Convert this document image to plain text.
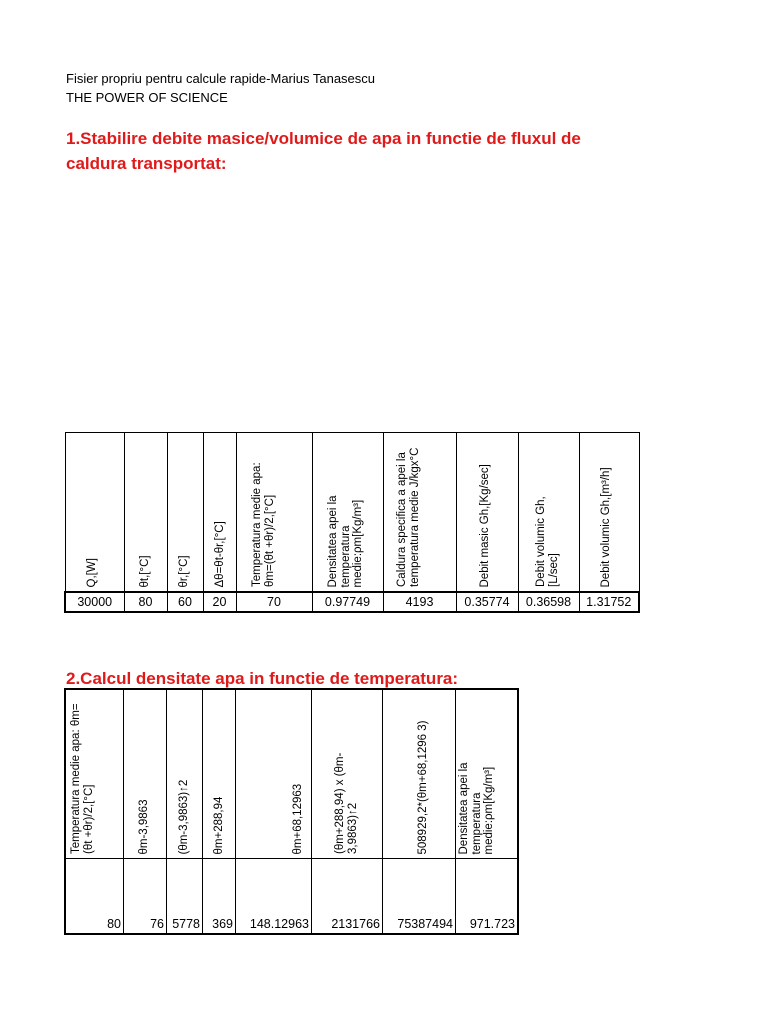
Fisier propriu pentru calcule rapide-Marius Tanasescu
THE POWER OF SCIENCE
1.Stabilire debite masice/volumice de apa in functie de fluxul de caldura transportat:
Q,[W]	θt,[°C]	θr,[°C]	Δθ=θt-θr,[°C]	Temperatura medie apa: θm=(θt +θr)/2,[°C]	Densitatea apei la temperatura medie:ρm[Kg/m³]	Caldura specifica a apei la temperatura medie J/kgx°C	Debit masic Gh,[Kg/sec]	Debit volumic Gh,[L/sec]	Debit volumic Gh,[m³/h]

30000	80	60	20	70	0.97749	4193	0.35774	0.36598	1.31752
2.Calcul densitate apa in functie de temperatura:
Temperatura medie apa: θm=(θt +θr)/2,[°C]	θm-3,9863	(θm-3,9863)↑2	θm+288,94	θm+68,12963	(θm+288,94) x (θm-3,9863)↑2	508929,2*(θm+68,1296 3)	Densitatea apei la temperatura medie:ρm[Kg/m³]

80	76	5778	369	148.12963	2131766	75387494	971.723
